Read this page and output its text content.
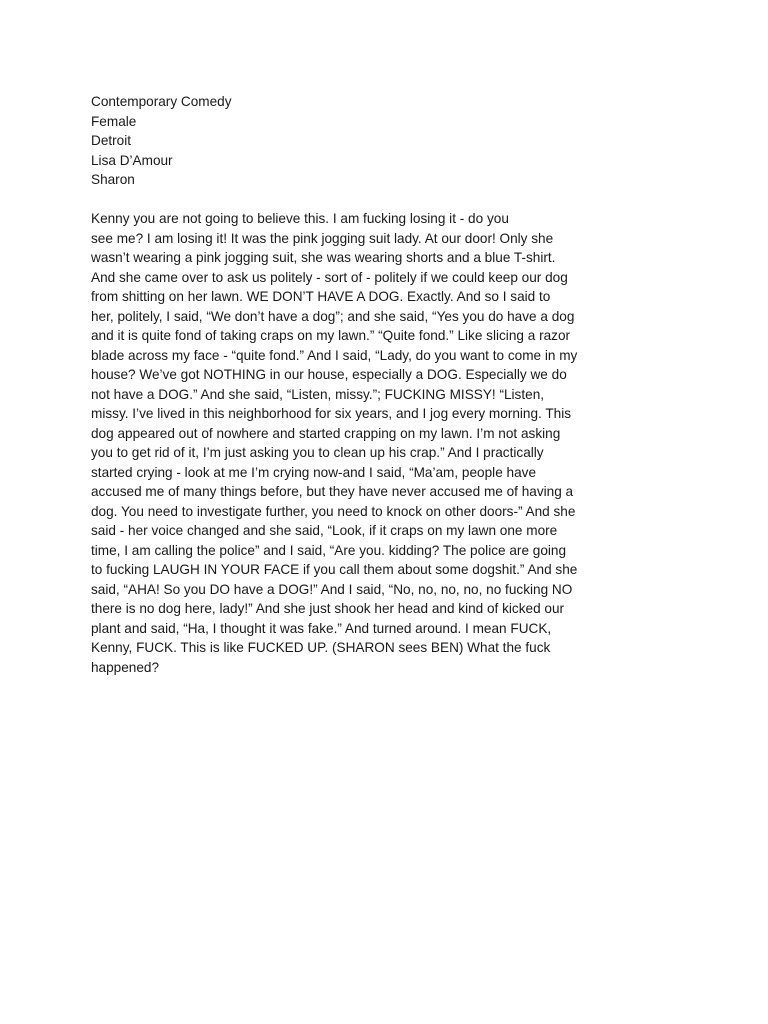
Contemporary Comedy
Female
Detroit
Lisa D’Amour
Sharon
Kenny you are not going to believe this. I am fucking losing it - do you
see me? I am losing it! It was the pink jogging suit lady. At our door! Only she
wasn’t wearing a pink jogging suit, she was wearing shorts and a blue T-shirt.
And she came over to ask us politely - sort of - politely if we could keep our dog
from shitting on her lawn. WE DON’T HAVE A DOG. Exactly. And so I said to
her, politely, I said, “We don’t have a dog”; and she said, “Yes you do have a dog
and it is quite fond of taking craps on my lawn.” “Quite fond.” Like slicing a razor
blade across my face - “quite fond.” And I said, “Lady, do you want to come in my
house? We’ve got NOTHING in our house, especially a DOG. Especially we do
not have a DOG.” And she said, “Listen, missy.”; FUCKING MISSY! “Listen,
missy. I’ve lived in this neighborhood for six years, and I jog every morning. This
dog appeared out of nowhere and started crapping on my lawn. I’m not asking
you to get rid of it, I’m just asking you to clean up his crap.” And I practically
started crying - look at me I’m crying now-and I said, “Ma’am, people have
accused me of many things before, but they have never accused me of having a
dog. You need to investigate further, you need to knock on other doors-” And she
said - her voice changed and she said, “Look, if it craps on my lawn one more
time, I am calling the police” and I said, “Are you. kidding? The police are going
to fucking LAUGH IN YOUR FACE if you call them about some dogshit.” And she
said, “AHA! So you DO have a DOG!” And I said, “No, no, no, no, no fucking NO
there is no dog here, lady!” And she just shook her head and kind of kicked our
plant and said, “Ha, I thought it was fake.” And turned around. I mean FUCK,
Kenny, FUCK. This is like FUCKED UP. (SHARON sees BEN) What the fuck
happened?
